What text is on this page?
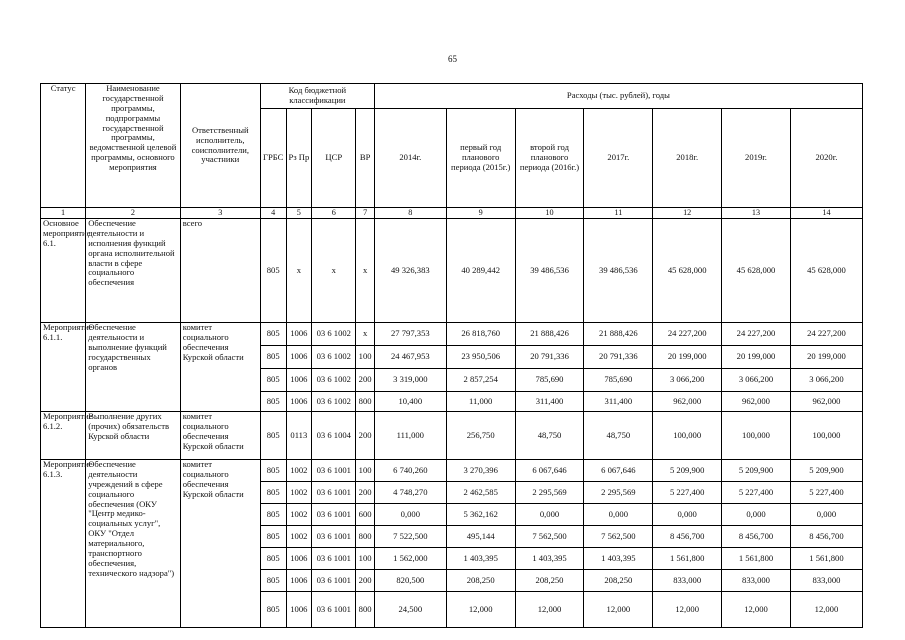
65
Статус	Наименование государственной программы, подпрограммы государственной программы, ведомственной целевой программы, основного мероприятия	Ответственный исполнитель, соисполнители, участники	Код бюджетной классификации				Расходы (тыс. рублей), годы						
			ГРБС	Рз Пр	ЦСР	ВР	2014г.	первый год планового периода (2015г.)	второй год планового периода (2016г.)	2017г.	2018г.	2019г.	2020г.
1	2	3	4	5	6	7	8	9	10	11	12	13	14
Основное мероприятие 6.1.	Обеспечение деятельности и исполнения функций органа исполнительной власти в сфере социального обеспечения	всего	805	х	х	х	49 326,383	40 289,442	39 486,536	39 486,536	45 628,000	45 628,000	45 628,000
Мероприятие 6.1.1.	Обеспечение деятельности и выполнение функций государственных органов	комитет социального обеспечения Курской области	805	1006	03 6 1002	х	27 797,353	26 818,760	21 888,426	21 888,426	24 227,200	24 227,200	24 227,200
			805	1006	03 6 1002	100	24 467,953	23 950,506	20 791,336	20 791,336	20 199,000	20 199,000	20 199,000
			805	1006	03 6 1002	200	3 319,000	2 857,254	785,690	785,690	3 066,200	3 066,200	3 066,200
			805	1006	03 6 1002	800	10,400	11,000	311,400	311,400	962,000	962,000	962,000
Мероприятие 6.1.2.	Выполнение других (прочих) обязательств Курской области	комитет социального обеспечения Курской области	805	0113	03 6 1004	200	111,000	256,750	48,750	48,750	100,000	100,000	100,000
Мероприятие 6.1.3.	Обеспечение деятельности учреждений в сфере социального обеспечения (ОКУ "Центр медико-социальных услуг", ОКУ "Отдел материального, транспортного обеспечения, технического надзора")	комитет социального обеспечения Курской области	805	1002	03 6 1001	100	6 740,260	3 270,396	6 067,646	6 067,646	5 209,900	5 209,900	5 209,900
			805	1002	03 6 1001	200	4 748,270	2 462,585	2 295,569	2 295,569	5 227,400	5 227,400	5 227,400
			805	1002	03 6 1001	600	0,000	5 362,162	0,000	0,000	0,000	0,000	0,000
			805	1002	03 6 1001	800	7 522,500	495,144	7 562,500	7 562,500	8 456,700	8 456,700	8 456,700
			805	1006	03 6 1001	100	1 562,000	1 403,395	1 403,395	1 403,395	1 561,800	1 561,800	1 561,800
			805	1006	03 6 1001	200	820,500	208,250	208,250	208,250	833,000	833,000	833,000
			805	1006	03 6 1001	800	24,500	12,000	12,000	12,000	12,000	12,000	12,000
